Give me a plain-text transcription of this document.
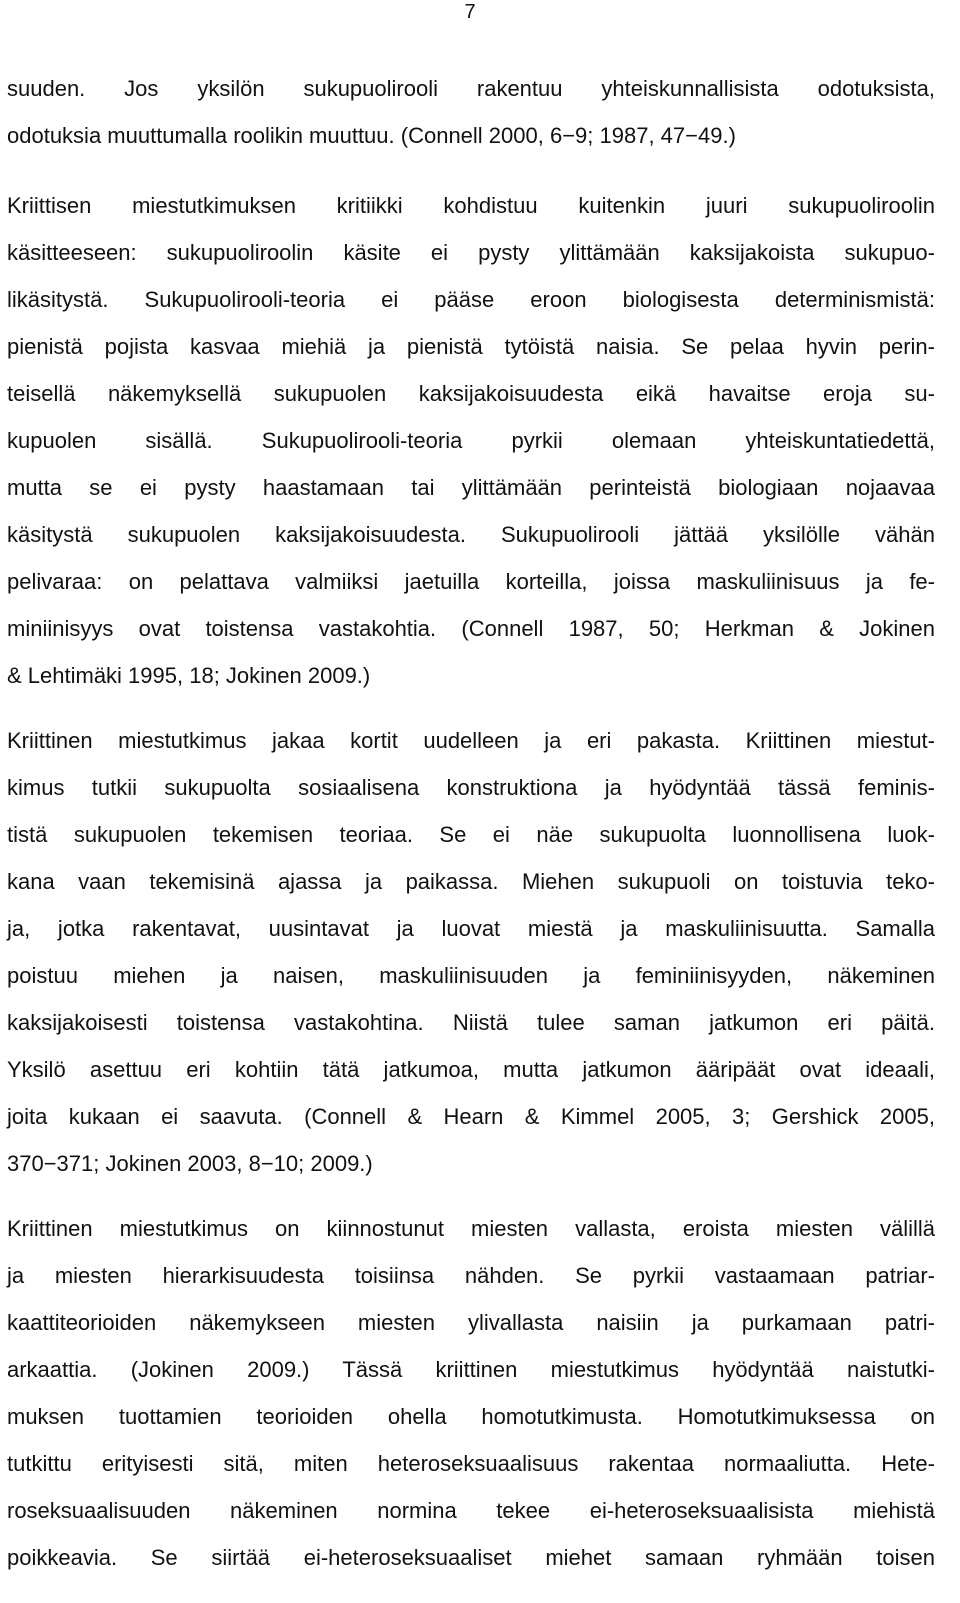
7
suuden. Jos yksilön sukupuolirooli rakentuu yhteiskunnallisista odotuksista,
odotuksia muuttumalla roolikin muuttuu. (Connell 2000, 6−9; 1987, 47−49.)
Kriittisen miestutkimuksen kritiikki kohdistuu kuitenkin juuri sukupuoliroolin
käsitteeseen: sukupuoliroolin käsite ei pysty ylittämään kaksijakoista sukupuo-
likäsitystä. Sukupuolirooli-teoria ei pääse eroon biologisesta determinismistä:
pienistä pojista kasvaa miehiä ja pienistä tytöistä naisia. Se pelaa hyvin perin-
teisellä näkemyksellä sukupuolen kaksijakoisuudesta eikä havaitse eroja su-
kupuolen sisällä. Sukupuolirooli-teoria pyrkii olemaan yhteiskuntatiedettä,
mutta se ei pysty haastamaan tai ylittämään perinteistä biologiaan nojaavaa
käsitystä sukupuolen kaksijakoisuudesta. Sukupuolirooli jättää yksilölle vähän
pelivaraa: on pelattava valmiiksi jaetuilla korteilla, joissa maskuliinisuus ja fe-
miniinisyys ovat toistensa vastakohtia. (Connell 1987, 50; Herkman & Jokinen
& Lehtimäki 1995, 18; Jokinen 2009.)
Kriittinen miestutkimus jakaa kortit uudelleen ja eri pakasta. Kriittinen miestut-
kimus tutkii sukupuolta sosiaalisena konstruktiona ja hyödyntää tässä feminis-
tistä sukupuolen tekemisen teoriaa. Se ei näe sukupuolta luonnollisena luok-
kana vaan tekemisinä ajassa ja paikassa. Miehen sukupuoli on toistuvia teko-
ja, jotka rakentavat, uusintavat ja luovat miestä ja maskuliinisuutta. Samalla
poistuu miehen ja naisen, maskuliinisuuden ja feminiinisyyden, näkeminen
kaksijakoisesti toistensa vastakohtina. Niistä tulee saman jatkumon eri päitä.
Yksilö asettuu eri kohtiin tätä jatkumoa, mutta jatkumon ääripäät ovat ideaali,
joita kukaan ei saavuta. (Connell & Hearn & Kimmel 2005, 3; Gershick 2005,
370−371; Jokinen 2003, 8−10; 2009.)
Kriittinen miestutkimus on kiinnostunut miesten vallasta, eroista miesten välillä
ja miesten hierarkisuudesta toisiinsa nähden. Se pyrkii vastaamaan patriar-
kaattiteorioiden näkemykseen miesten ylivallasta naisiin ja purkamaan patri-
arkaattia. (Jokinen 2009.) Tässä kriittinen miestutkimus hyödyntää naistutki-
muksen tuottamien teorioiden ohella homotutkimusta. Homotutkimuksessa on
tutkittu erityisesti sitä, miten heteroseksuaalisuus rakentaa normaaliutta. Hete-
roseksuaalisuuden näkeminen normina tekee ei-heteroseksuaalisista miehistä
poikkeavia. Se siirtää ei-heteroseksuaaliset miehet samaan ryhmään toisen
